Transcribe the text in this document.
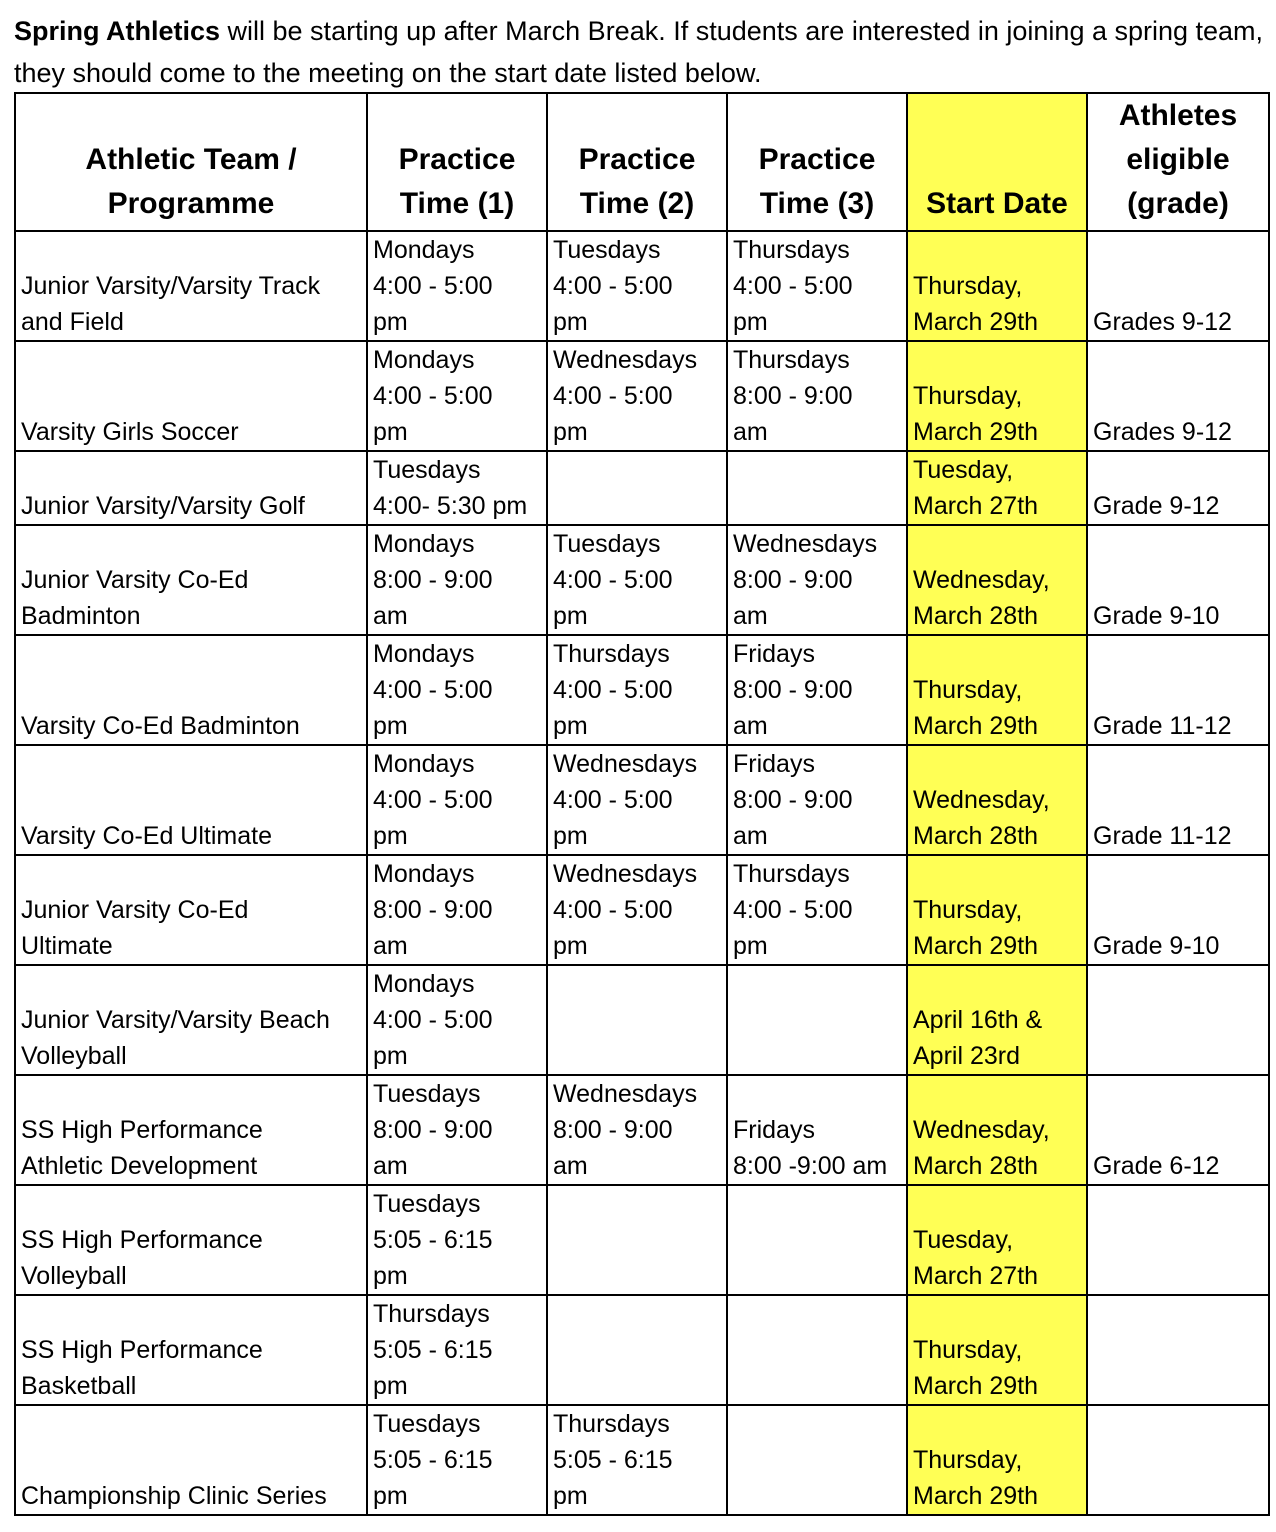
Spring Athletics will be starting up after March Break. If students are interested in joining a spring team, they should come to the meeting on the start date listed below.

Athletic Team /
Programme	Practice
Time (1)	Practice
Time (2)	Practice
Time (3)	Start Date	Athletes
eligible
(grade)

Junior Varsity/Varsity Track
and Field	Mondays
4:00 - 5:00
pm	Tuesdays
4:00 - 5:00
pm	Thursdays
4:00 - 5:00
pm	Thursday,
March 29th	Grades 9-12

Varsity Girls Soccer	Mondays
4:00 - 5:00
pm	Wednesdays
4:00 - 5:00
pm	Thursdays
8:00 - 9:00
am	Thursday,
March 29th	Grades 9-12

Junior Varsity/Varsity Golf	Tuesdays
4:00- 5:30 pm			Tuesday,
March 27th	Grade 9-12

Junior Varsity Co-Ed
Badminton	Mondays
8:00 - 9:00
am	Tuesdays
4:00 - 5:00
pm	Wednesdays
8:00 - 9:00
am	Wednesday,
March 28th	Grade 9-10

Varsity Co-Ed Badminton	Mondays
4:00 - 5:00
pm	Thursdays
4:00 - 5:00
pm	Fridays
8:00 - 9:00
am	Thursday,
March 29th	Grade 11-12

Varsity Co-Ed Ultimate	Mondays
4:00 - 5:00
pm	Wednesdays
4:00 - 5:00
pm	Fridays
8:00 - 9:00
am	Wednesday,
March 28th	Grade 11-12

Junior Varsity Co-Ed
Ultimate	Mondays
8:00 - 9:00
am	Wednesdays
4:00 - 5:00
pm	Thursdays
4:00 - 5:00
pm	Thursday,
March 29th	Grade 9-10

Junior Varsity/Varsity Beach
Volleyball	Mondays
4:00 - 5:00
pm			April 16th &
April 23rd	

SS High Performance
Athletic Development	Tuesdays
8:00 - 9:00
am	Wednesdays
8:00 - 9:00
am	Fridays
8:00 -9:00 am	Wednesday,
March 28th	Grade 6-12

SS High Performance
Volleyball	Tuesdays
5:05 - 6:15
pm			Tuesday,
March 27th	

SS High Performance
Basketball	Thursdays
5:05 - 6:15
pm			Thursday,
March 29th	

Championship Clinic Series	Tuesdays
5:05 - 6:15
pm	Thursdays
5:05 - 6:15
pm		Thursday,
March 29th	
